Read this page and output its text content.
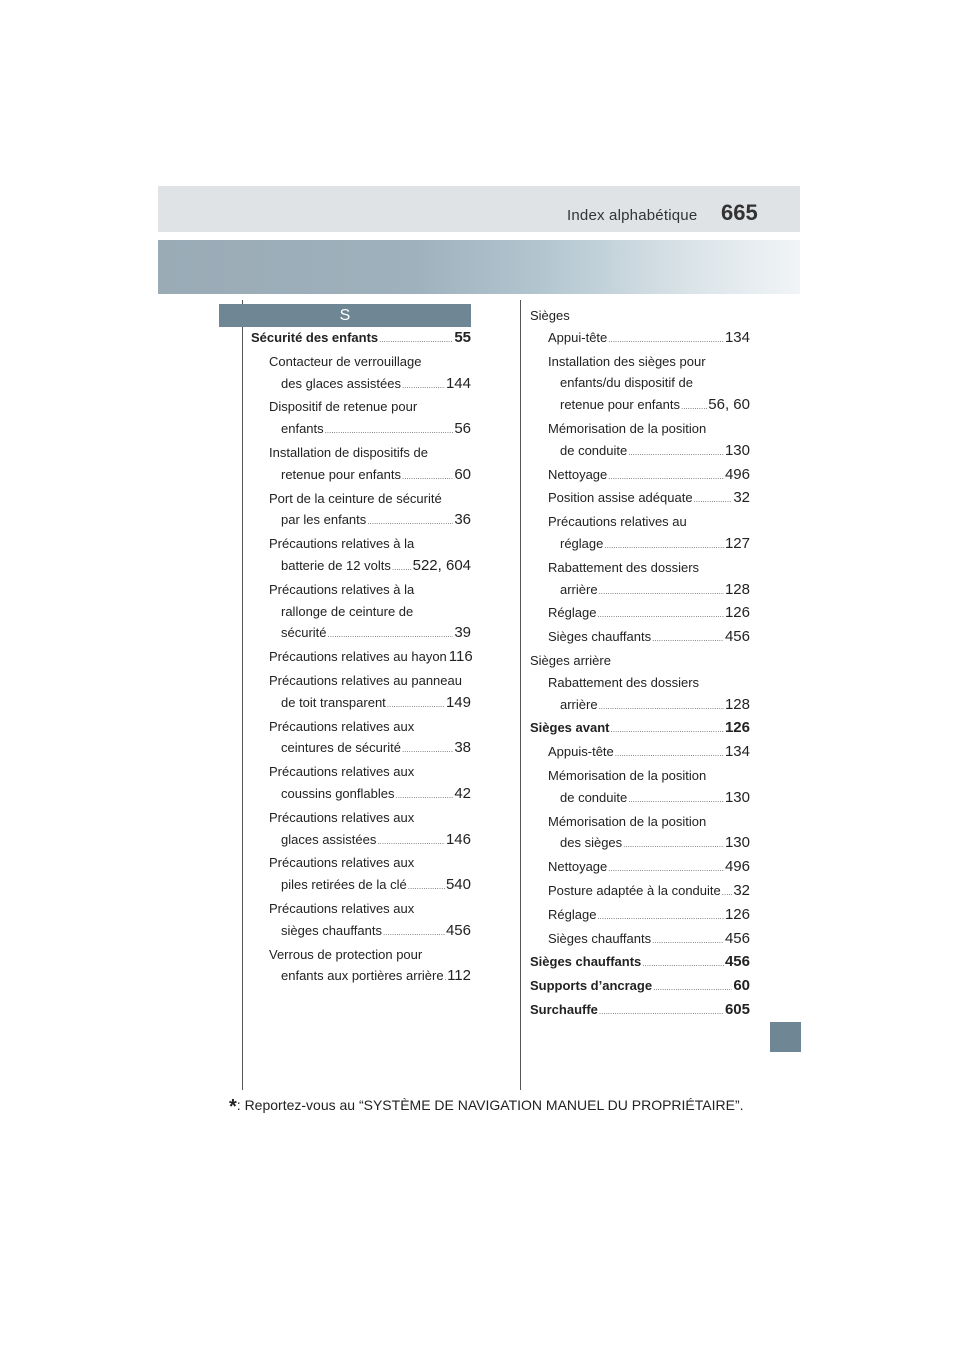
Index alphabétique 665
S
Sécurité des enfants .....	55
Contacteur de verrouillage
des glaces assistées .....	144
Dispositif de retenue pour
enfants .....	56
Installation de dispositifs de
retenue pour enfants .....	60
Port de la ceinture de sécurité
par les enfants .....	36
Précautions relatives à la
batterie de 12 volts ..... 522, 604
Précautions relatives à la
rallonge de ceinture de
sécurité .....	39
Précautions relatives au hayon 116
Précautions relatives au panneau
de toit transparent .....	149
Précautions relatives aux
ceintures de sécurité .....	38
Précautions relatives aux
coussins gonflables .....	42
Précautions relatives aux
glaces assistées .....	146
Précautions relatives aux
piles retirées de la clé .....	540
Précautions relatives aux
sièges chauffants .....	456
Verrous de protection pour
enfants aux portières arrière ..... 112
Sièges
Appui-tête .....	134
Installation des sièges pour
enfants/du dispositif de
retenue pour enfants ..... 56, 60
Mémorisation de la position
de conduite .....	130
Nettoyage .....	496
Position assise adéquate .....	32
Précautions relatives au
réglage .....	127
Rabattement des dossiers
arrière .....	128
Réglage .....	126
Sièges chauffants .....	456
Sièges arrière
Rabattement des dossiers
arrière .....	128
Sièges avant .....	126
Appuis-tête .....	134
Mémorisation de la position
de conduite .....	130
Mémorisation de la position
des sièges .....	130
Nettoyage .....	496
Posture adaptée à la conduite ..... 32
Réglage .....	126
Sièges chauffants .....	456
Sièges chauffants .....	456
Supports d’ancrage .....	60
Surchauffe .....	605
*: Reportez-vous au “SYSTÈME DE NAVIGATION MANUEL DU PROPRIÉTAIRE”.
